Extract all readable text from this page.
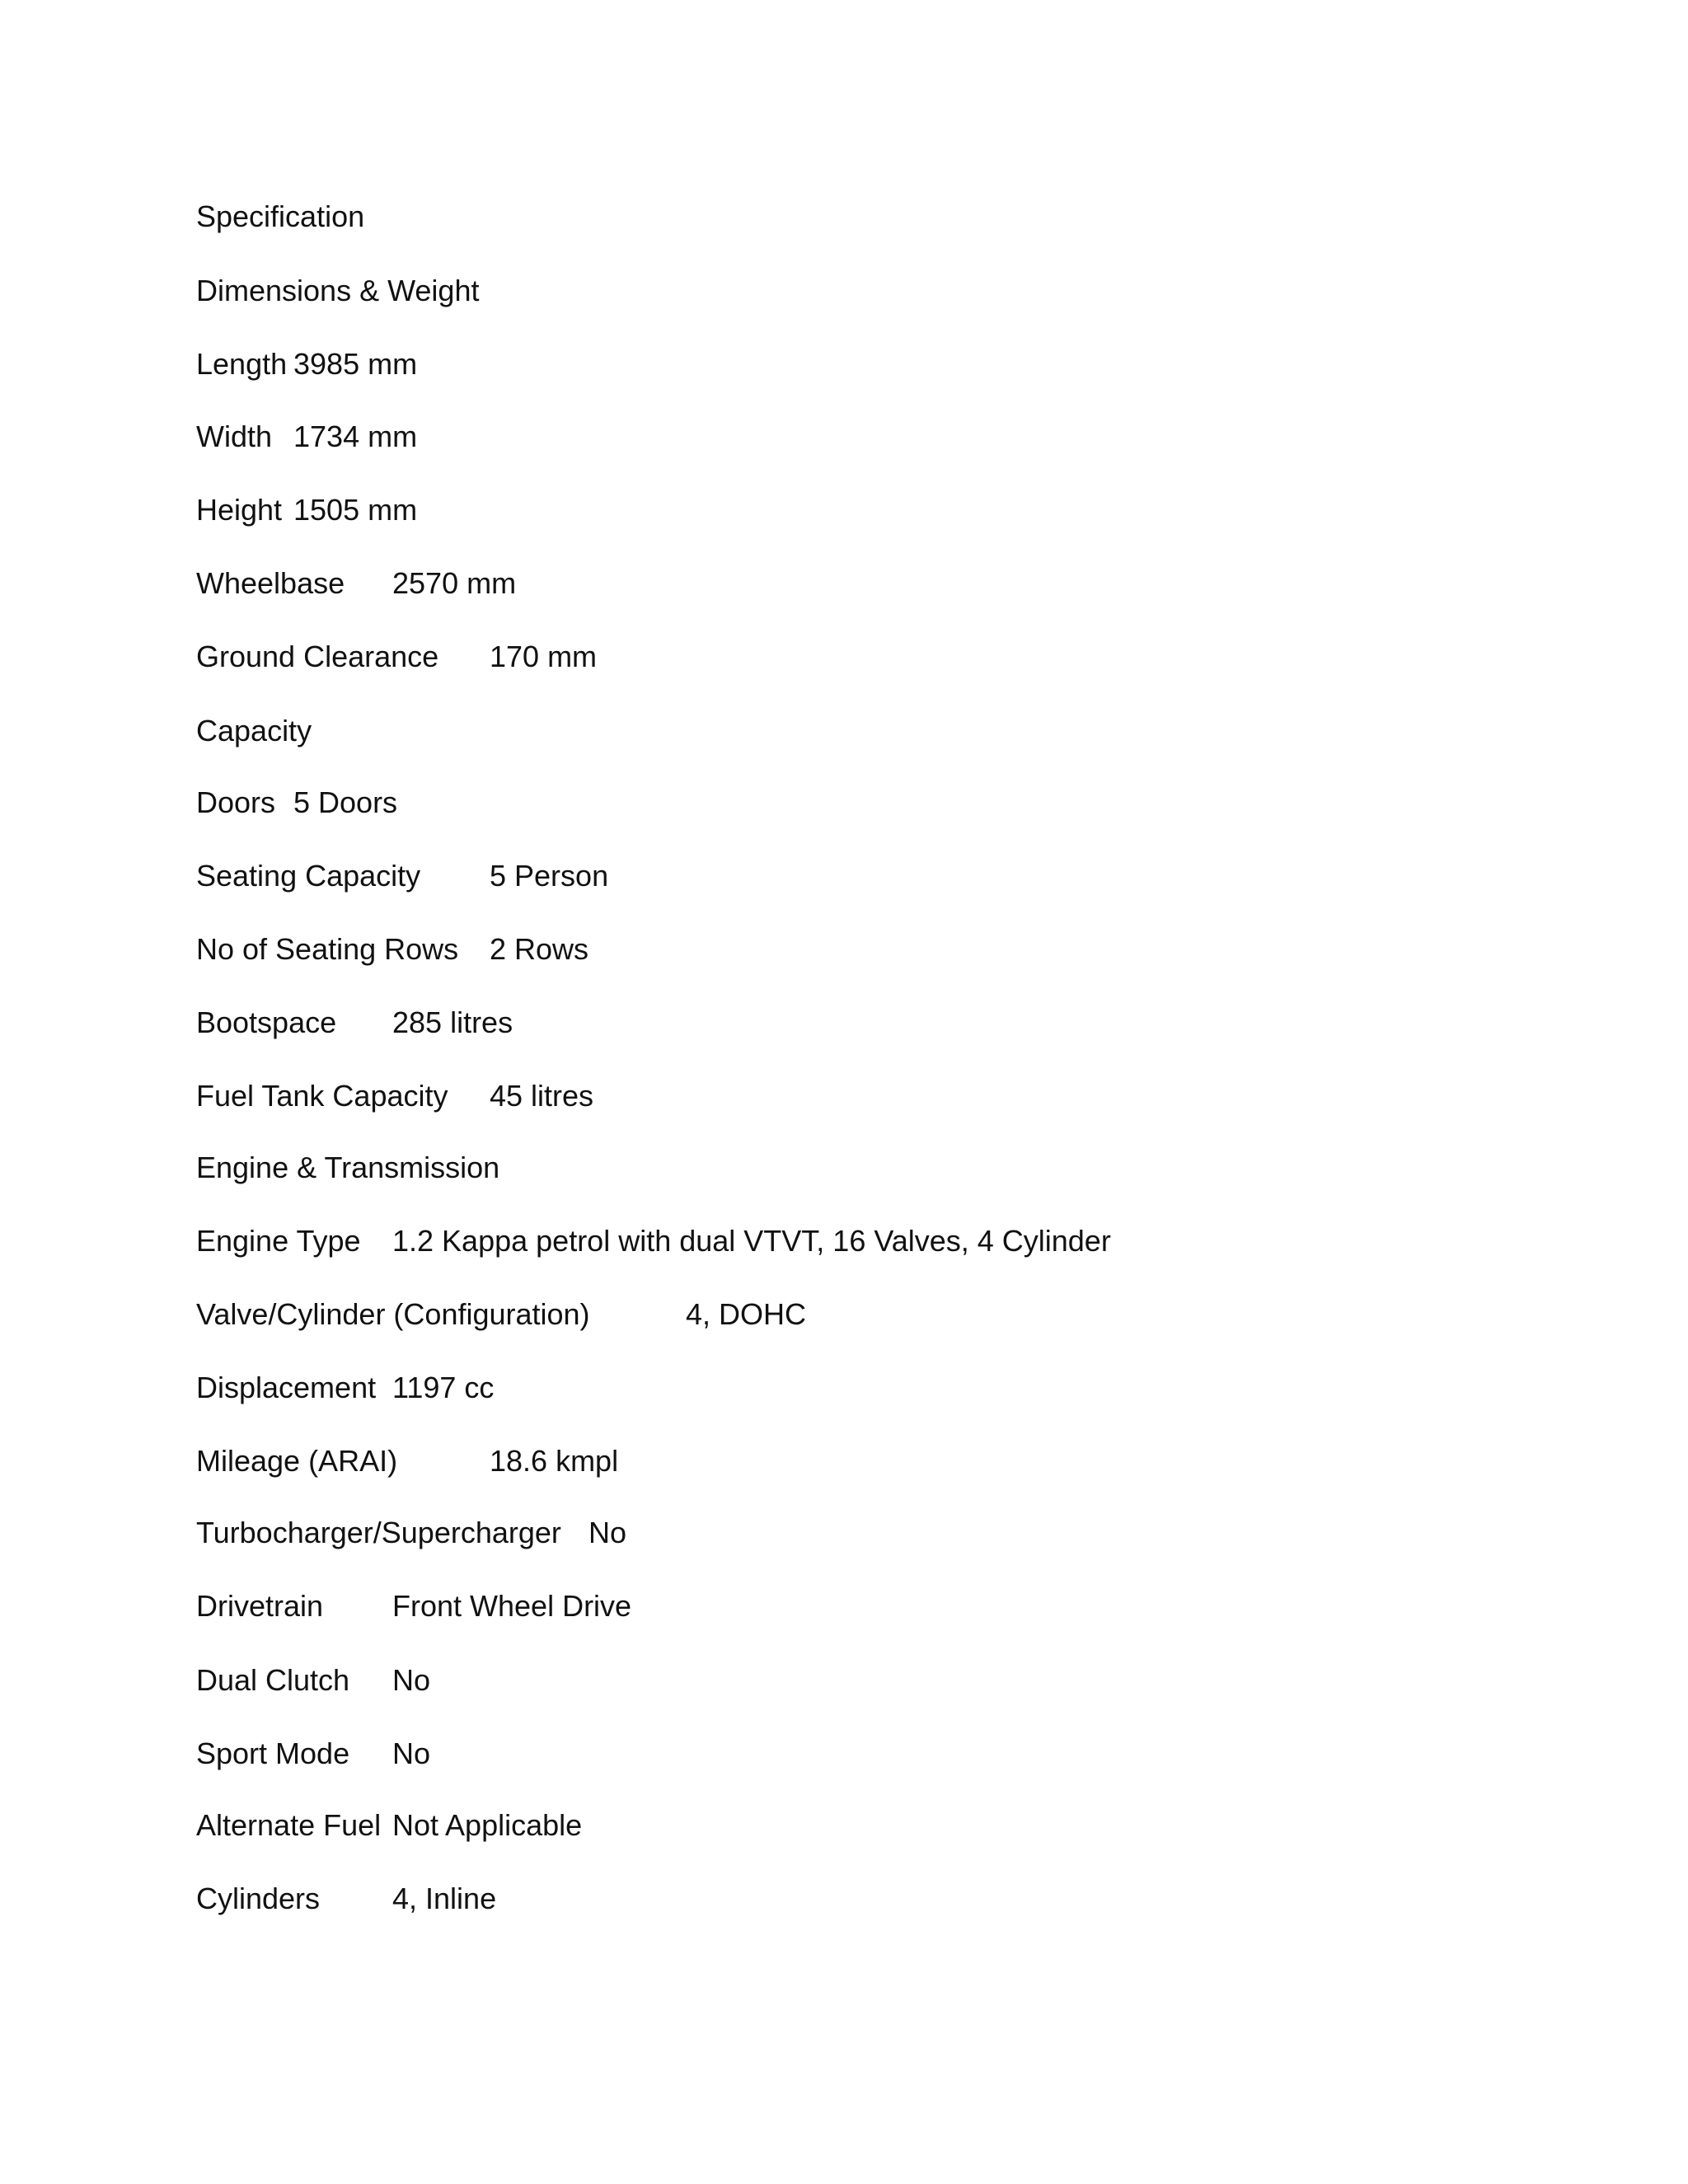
Specification
Dimensions & Weight
Length 3985 mm
Width 1734 mm
Height 1505 mm
Wheelbase 2570 mm
Ground Clearance 170 mm
Capacity
Doors 5 Doors
Seating Capacity 5 Person
No of Seating Rows 2 Rows
Bootspace 285 litres
Fuel Tank Capacity 45 litres
Engine & Transmission
Engine Type 1.2 Kappa petrol with dual VTVT, 16 Valves, 4 Cylinder
Valve/Cylinder (Configuration)	4, DOHC
Displacement 1197 cc
Mileage (ARAI)	18.6 kmpl
Turbocharger/Supercharger No
Drivetrain Front Wheel Drive
Dual Clutch No
Sport Mode No
Alternate Fuel Not Applicable
Cylinders 4, Inline
